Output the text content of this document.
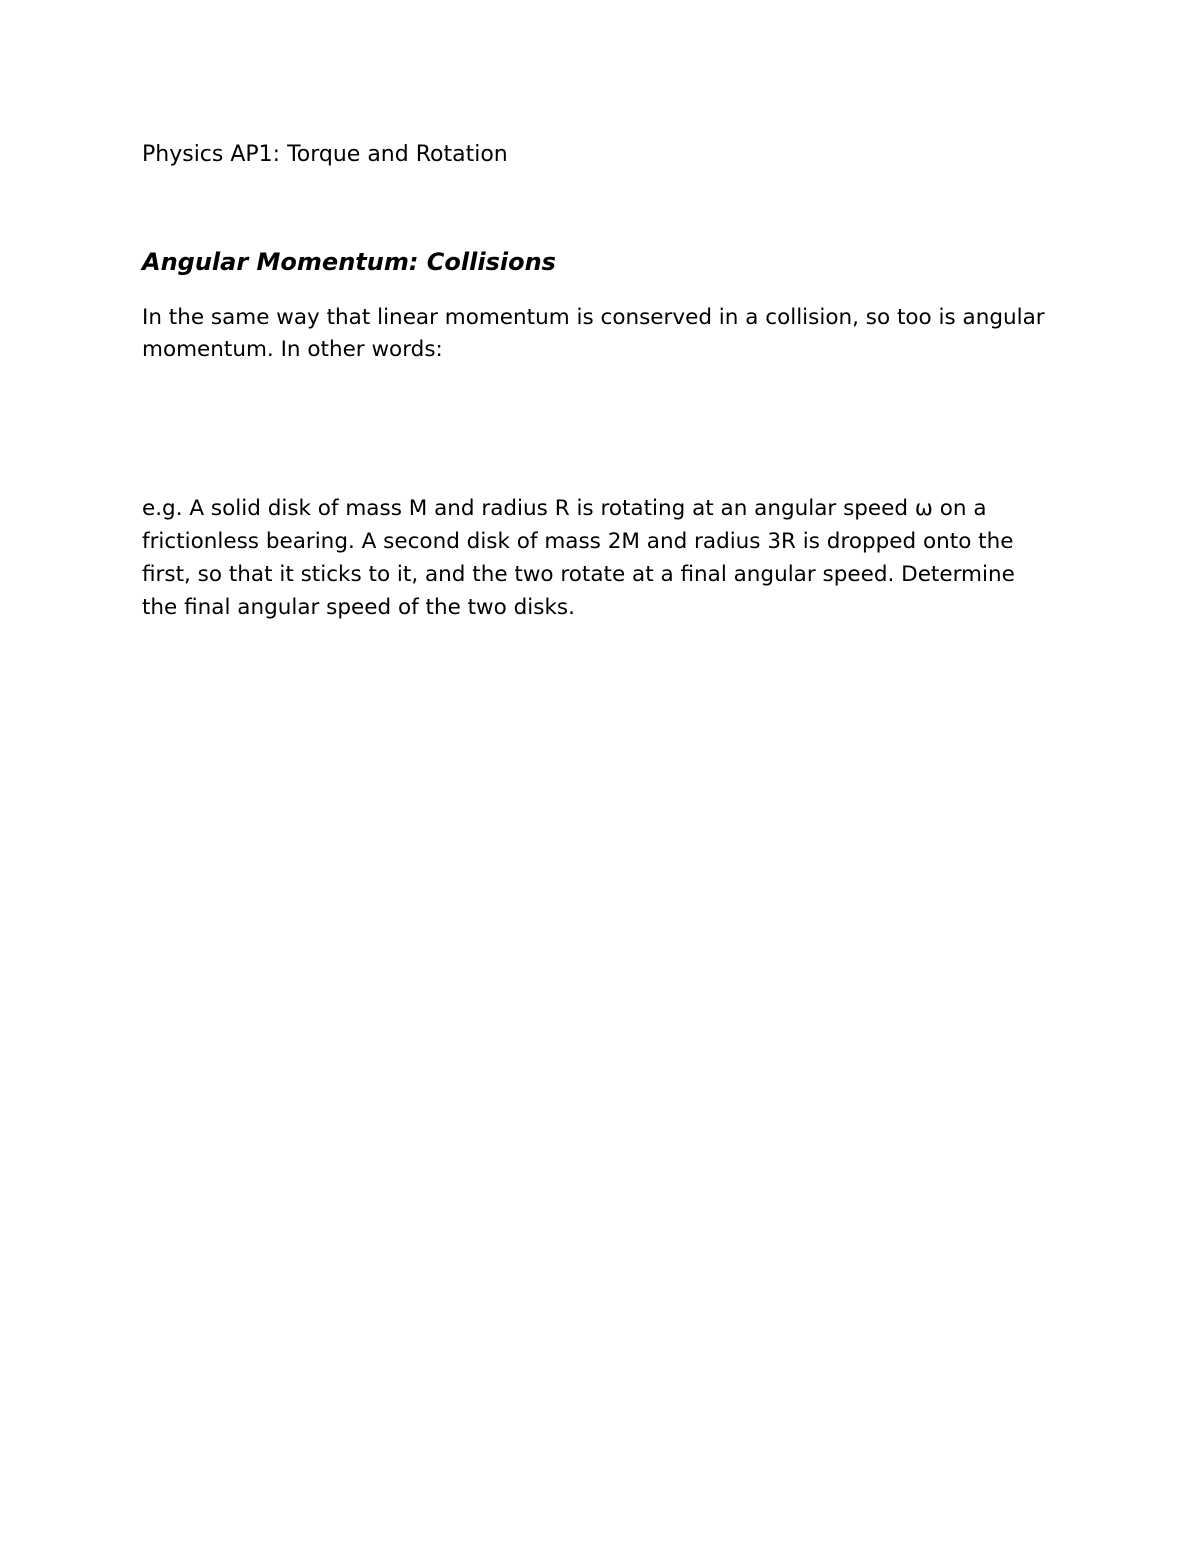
Physics AP1: Torque and Rotation
Angular Momentum: Collisions
In the same way that linear momentum is conserved in a collision, so too is angular
momentum. In other words:
e.g. A solid disk of mass M and radius R is rotating at an angular speed ω on a
frictionless bearing. A second disk of mass 2M and radius 3R is dropped onto the
first, so that it sticks to it, and the two rotate at a final angular speed. Determine
the final angular speed of the two disks.
